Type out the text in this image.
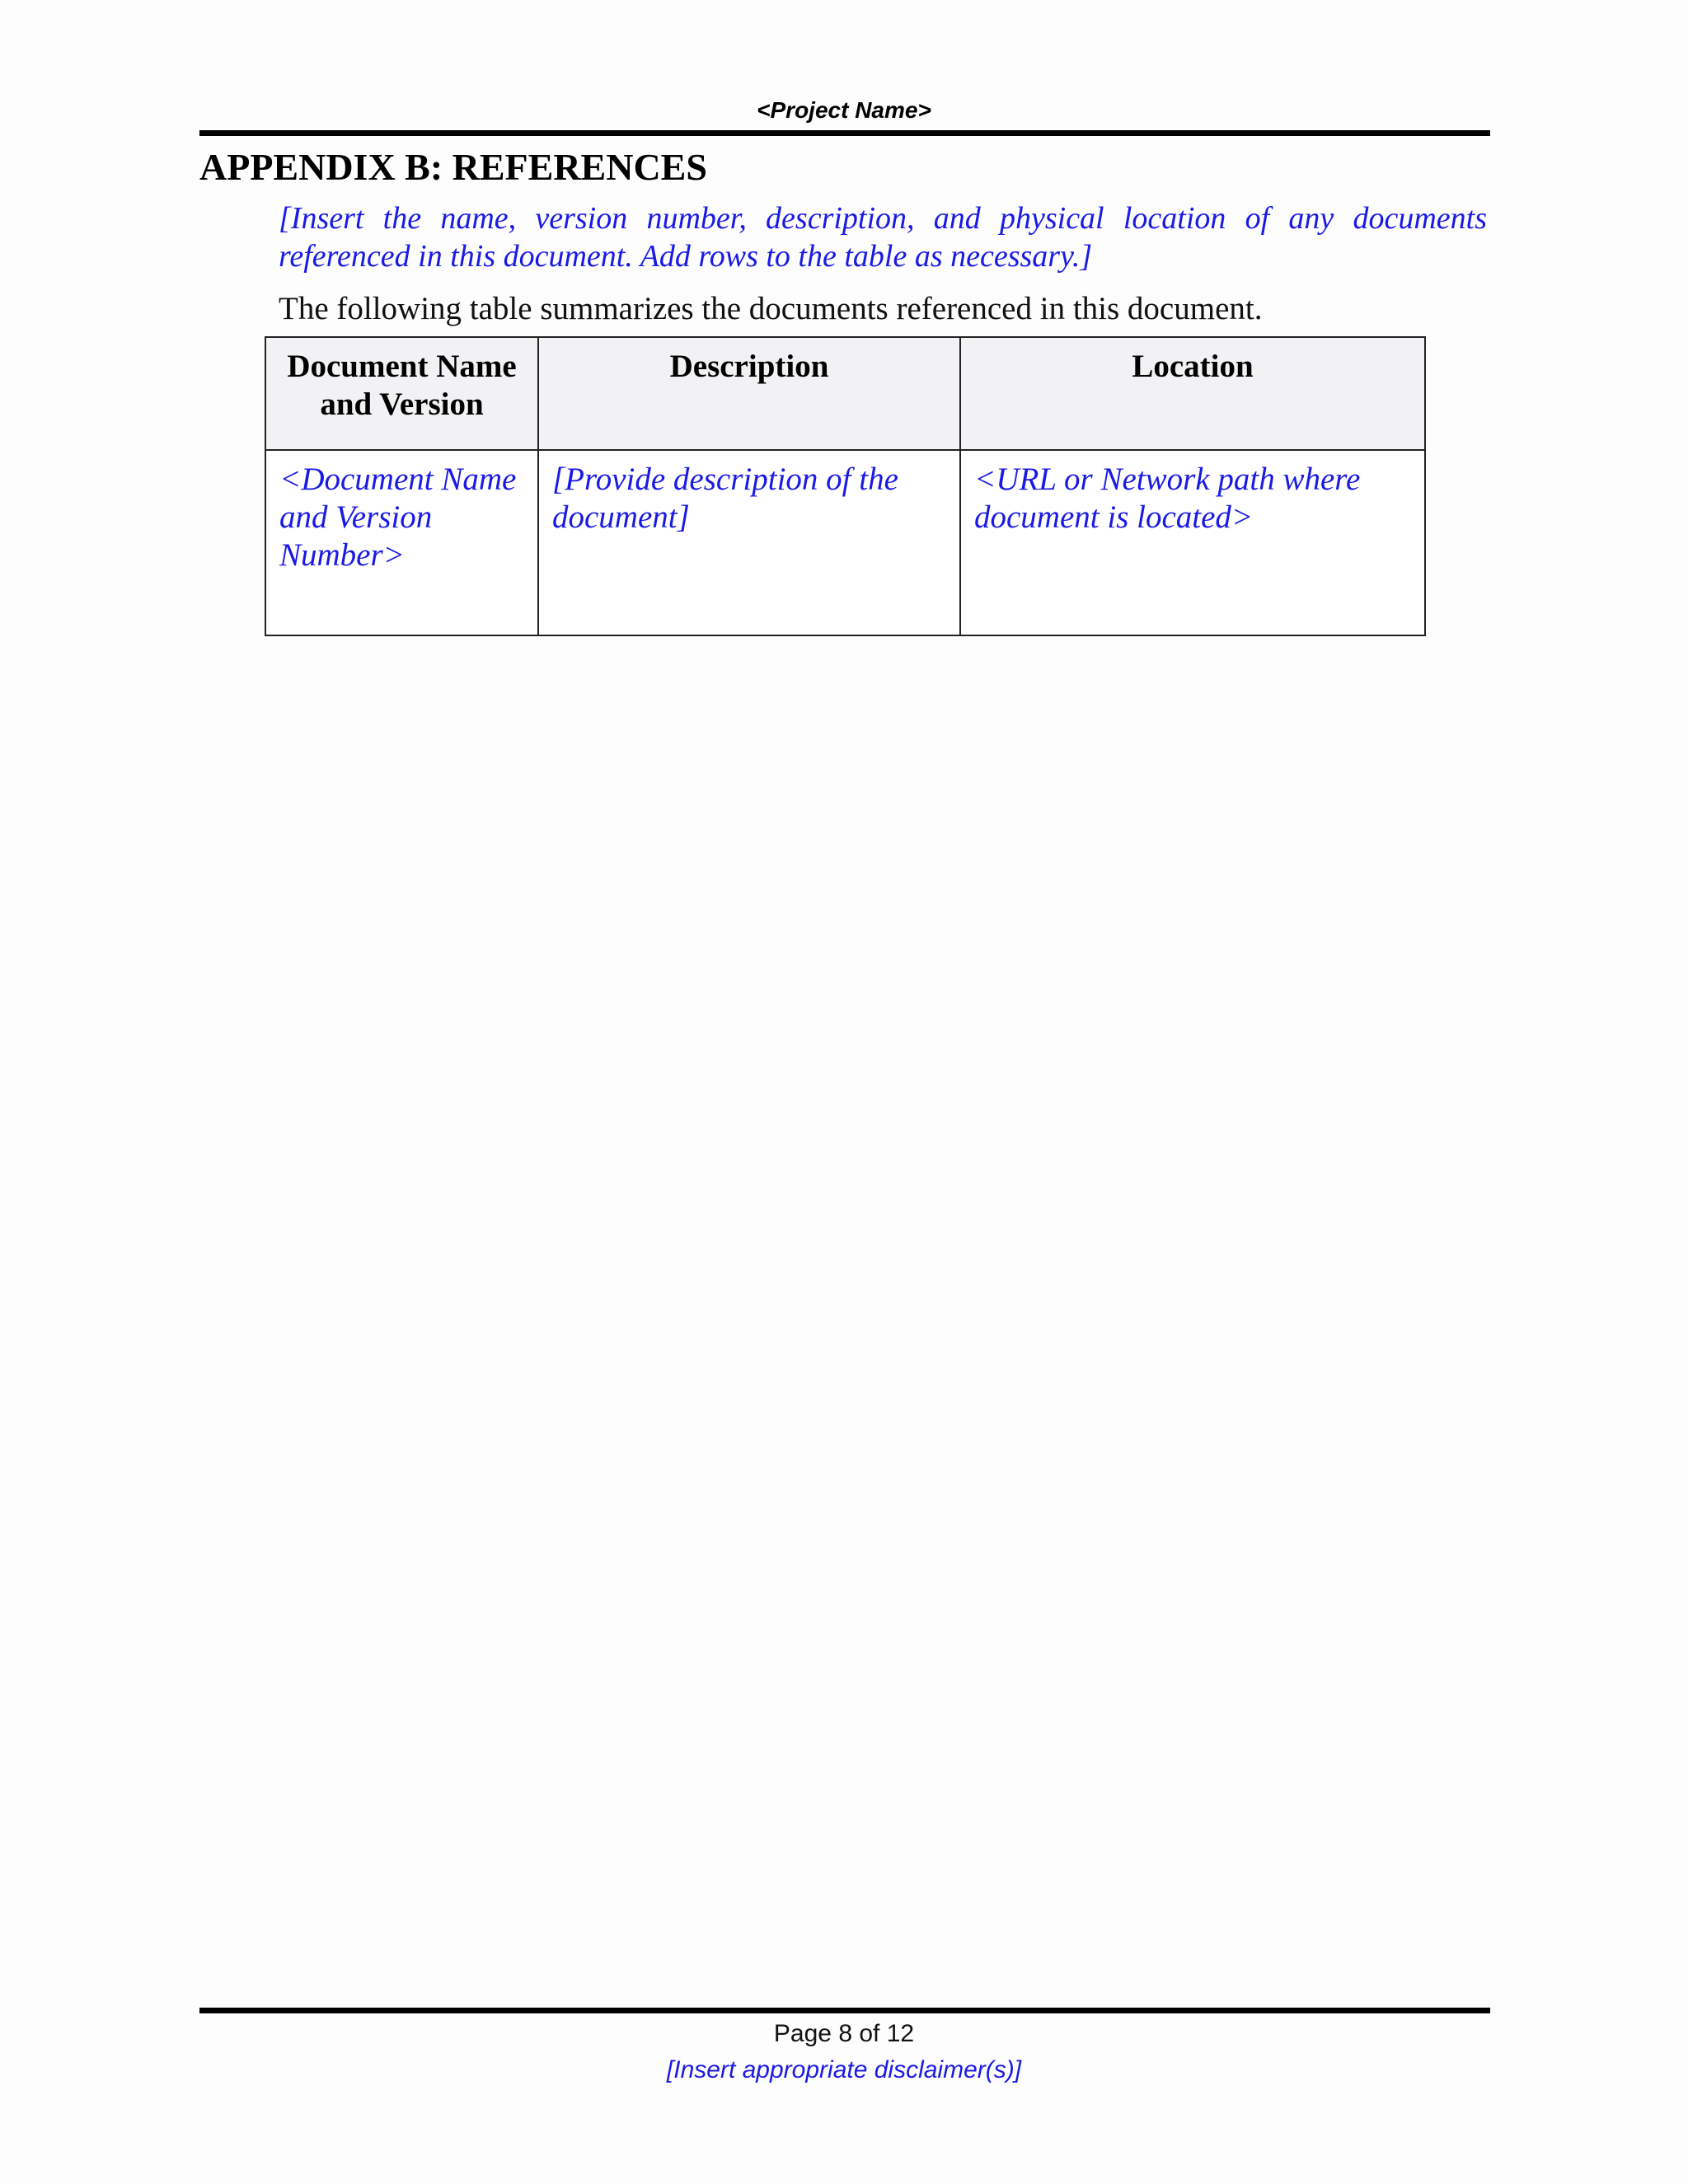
<Project Name>
APPENDIX B: REFERENCES
[Insert the name, version number, description, and physical location of any documents referenced in this document. Add rows to the table as necessary.]
The following table summarizes the documents referenced in this document.
Document Name and Version	Description	Location
<Document Name and Version Number>	[Provide description of the document]	<URL or Network path where document is located>
Page 8 of 12
[Insert appropriate disclaimer(s)]
